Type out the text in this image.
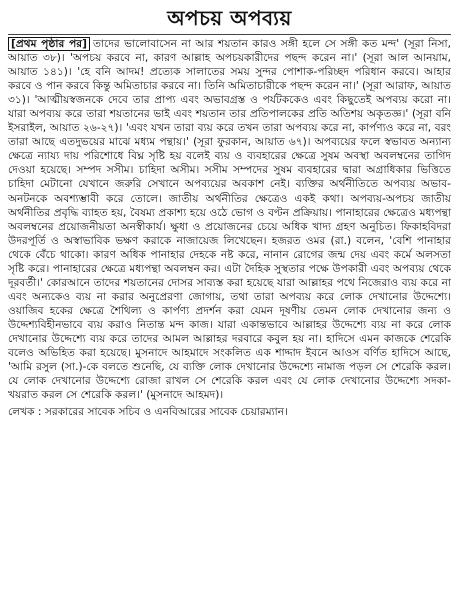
অপচয় অপব্যয়
[প্রথম পৃষ্ঠার পর] তাদের ভালোবাসেন না আর শয়তান কারও সঙ্গী হলে সে সঙ্গী কত মন্দ' (সূরা নিসা, আয়াত ৩৮)। 'অপচয় করবে না, কারণ আল্লাহ অপচয়কারীদের পছন্দ করেন না।' (সূরা আল আনয়াম, আয়াত ১৪১)। 'হে বনি আদম! প্রত্যেক সালাতের সময় সুন্দর পোশাক-পরিচ্ছদ পরিধান করবে। আহার করবে ও পান করবে কিন্তু অমিতাচার করবে না। তিনি অমিতাচারীকে পছন্দ করেন না।' (সূরা আরাফ, আয়াত ৩১)। 'আত্মীয়স্বজনকে দেবে তার প্রাপ্য এবং অভাবগ্রস্ত ও পর্যটককেও এবং কিছুতেই অপব্যয় করো না। যারা অপব্যয় করে তারা শয়তানের ভাই এবং শয়তান তার প্রতিপালকের প্রতি অতিশয় অকৃতজ্ঞ।' (সূরা বনি ইসরাইল, আয়াত ২৬-২৭)। 'এবং যখন তারা ব্যয় করে তখন তারা অপব্যয় করে না, কার্পণ্যও করে না, বরং তারা আছে এতদুভয়ের মাঝে মধ্যম পন্থায়।' (সূরা ফুরকান, আয়াত ৬৭)। অপব্যয়ের ফলে স্বভাবত অন্যান্য ক্ষেত্রে ন্যায্য দায় পরিশোধে বিঘ্ন সৃষ্টি হয় বলেই ব্যয় ও ব্যবহারের ক্ষেত্রে সুষম অবস্থা অবলম্বনের তাগিদ দেওয়া হয়েছে। সম্পদ সসীম। চাহিদা অসীম। সসীম সম্পদের সুষম ব্যবহারের দ্বারা অগ্রাধিকার ভিত্তিতে চাহিদা মেটানো যেখানে জরুরি সেখানে অপব্যয়ের অবকাশ নেই। ব্যক্তির অর্থনীতিতে অপব্যয় অভাব-অনটনকে অবশ্যম্ভাবী করে তোলে। জাতীয় অর্থনীতির ক্ষেত্রেও একই কথা। অপব্যয়-অপচয় জাতীয় অর্থনীতির প্রবৃদ্ধি ব্যাহত হয়, বৈষম্য প্রকাশ্য হয়ে ওঠে ভোগ ও বণ্টন প্রক্রিয়ায়। পানাহারের ক্ষেত্রেও মধ্যপন্থা অবলম্বনের প্রয়োজনীয়তা অনস্বীকার্য। ক্ষুধা ও প্রয়োজনের চেয়ে অধিক খাদ্য গ্রহণ অনুচিত। ফিকাহবিদরা উদরপূর্তি ও অস্বাভাবিক ভক্ষণ করাকে নাজায়েজ লিখেছেন। হজরত ওমর (রা.) বলেন, 'বেশি পানাহার থেকে বেঁচে থাকো। কারণ অধিক পানাহার দেহকে নষ্ট করে, নানান রোগের জন্ম দেয় এবং কর্মে অলসতা সৃষ্টি করে। পানাহারের ক্ষেত্রে মধ্যপন্থা অবলম্বন কর। এটা দৈহিক সুস্থতার পক্ষে উপকারী এবং অপব্যয় থেকে দূরবর্তী।' কোরআনে তাদের শয়তানের দোসর সাব্যস্ত করা হয়েছে যারা আল্লাহর পথে নিজেরাও ব্যয় করে না এবং অন্যকেও ব্যয় না করার অনুপ্রেরণা জোগায়, তথা তারা অপব্যয় করে লোক দেখানোর উদ্দেশ্যে। ওয়াজিব হকের ক্ষেত্রে শৈথিল্য ও কার্পণ্য প্রদর্শন করা যেমন দূষণীয় তেমন লোক দেখানোর জন্য ও উদ্দেশ্যবিহীনভাবে ব্যয় করাও নিতান্ত মন্দ কাজ। যারা একান্তভাবে আল্লাহর উদ্দেশ্যে ব্যয় না করে লোক দেখানোর উদ্দেশ্যে ব্যয় করে তাদের আমল আল্লাহর দরবারে কবুল হয় না। হাদিসে এমন কাজকে শেরেকি বলেও অভিহিত করা হয়েছে। মুসনাদে আহমাদে সংকলিত এক শাদ্দাদ ইবনে আওস বর্ণিত হাদিসে আছে, 'আমি রসুল (সা.)-কে বলতে শুনেছি, যে ব্যক্তি লোক দেখানোর উদ্দেশ্যে নামাজ পড়ল সে শেরেকি করল। যে লোক দেখানোর উদ্দেশ্যে রোজা রাখল সে শেরেকি করল এবং যে লোক দেখানোর উদ্দেশ্যে সদকা-খয়রাত করল সে শেরেকি করল।' (মুসনাদে আহমদ)।
লেখক : সরকারের সাবেক সচিব ও এনবিআরের সাবেক চেয়ারম্যান।
